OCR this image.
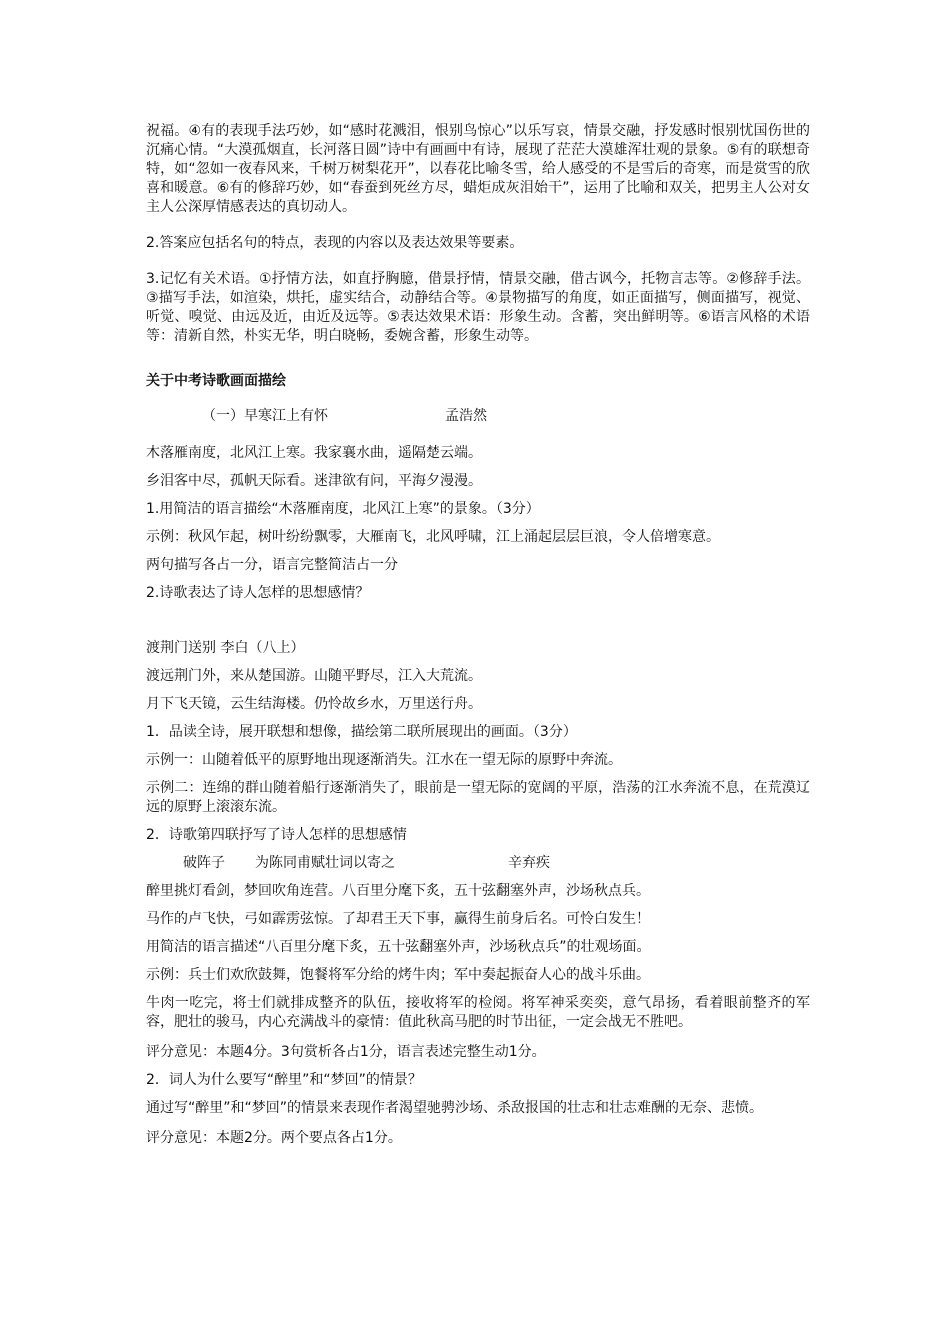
祝福。④有的表现手法巧妙，如“感时花溅泪，恨别鸟惊心”以乐写哀，情景交融，抒发感时恨别忧国伤世的沉痛心情。“大漠孤烟直，长河落日圆”诗中有画画中有诗，展现了茫茫大漠雄浑壮观的景象。⑤有的联想奇特，如“忽如一夜春风来，千树万树梨花开”，以春花比喻冬雪，给人感受的不是雪后的奇寒，而是赏雪的欣喜和暖意。⑥有的修辞巧妙，如“春蚕到死丝方尽，蜡炬成灰泪始干”，运用了比喻和双关，把男主人公对女主人公深厚情感表达的真切动人。

2.答案应包括名句的特点，表现的内容以及表达效果等要素。

3.记忆有关术语。①抒情方法，如直抒胸臆，借景抒情，情景交融，借古讽今，托物言志等。②修辞手法。③描写手法，如渲染，烘托，虚实结合，动静结合等。④景物描写的角度，如正面描写，侧面描写，视觉、听觉、嗅觉、由远及近，由近及远等。⑤表达效果术语：形象生动。含蓄，突出鲜明等。⑥语言风格的术语等：清新自然，朴实无华，明白晓畅，委婉含蓄，形象生动等。

关于中考诗歌画面描绘
（一）早寒江上有怀	孟浩然
木落雁南度，北风江上寒。我家襄水曲，遥隔楚云端。
乡泪客中尽，孤帆天际看。迷津欲有问，平海夕漫漫。
1.用简洁的语言描绘“木落雁南度，北风江上寒”的景象。（3分）
示例：秋风乍起，树叶纷纷飘零，大雁南飞，北风呼啸，江上涌起层层巨浪，令人倍增寒意。
两句描写各占一分，语言完整简洁占一分
2.诗歌表达了诗人怎样的思想感情？
渡荆门送别 李白（八上）
渡远荆门外，来从楚国游。山随平野尽，江入大荒流。
月下飞天镜，云生结海楼。仍怜故乡水，万里送行舟。
1．品读全诗，展开联想和想像，描绘第二联所展现出的画面。（3分）
示例一：山随着低平的原野地出现逐渐消失。江水在一望无际的原野中奔流。

示例二：连绵的群山随着船行逐渐消失了，眼前是一望无际的宽阔的平原，浩荡的江水奔流不息，在荒漠辽远的原野上滚滚东流。

2．诗歌第四联抒写了诗人怎样的思想感情
破阵子 为陈同甫赋壮词以寄之	辛弃疾
醉里挑灯看剑，梦回吹角连营。八百里分麾下炙，五十弦翻塞外声，沙场秋点兵。
马作的卢飞快，弓如霹雳弦惊。了却君王天下事，赢得生前身后名。可怜白发生！
用简洁的语言描述“八百里分麾下炙，五十弦翻塞外声，沙场秋点兵”的壮观场面。
示例：兵士们欢欣鼓舞，饱餐将军分给的烤牛肉；军中奏起振奋人心的战斗乐曲。

牛肉一吃完，将士们就排成整齐的队伍，接收将军的检阅。将军神采奕奕，意气昂扬，看着眼前整齐的军容，肥壮的骏马，内心充满战斗的豪情：值此秋高马肥的时节出征，一定会战无不胜吧。

评分意见：本题4分。3句赏析各占1分，语言表述完整生动1分。
2．词人为什么要写“醉里”和“梦回”的情景？

通过写“醉里”和“梦回”的情景来表现作者渴望驰骋沙场、杀敌报国的壮志和壮志难酬的无奈、悲愤。

评分意见：本题2分。两个要点各占1分。
